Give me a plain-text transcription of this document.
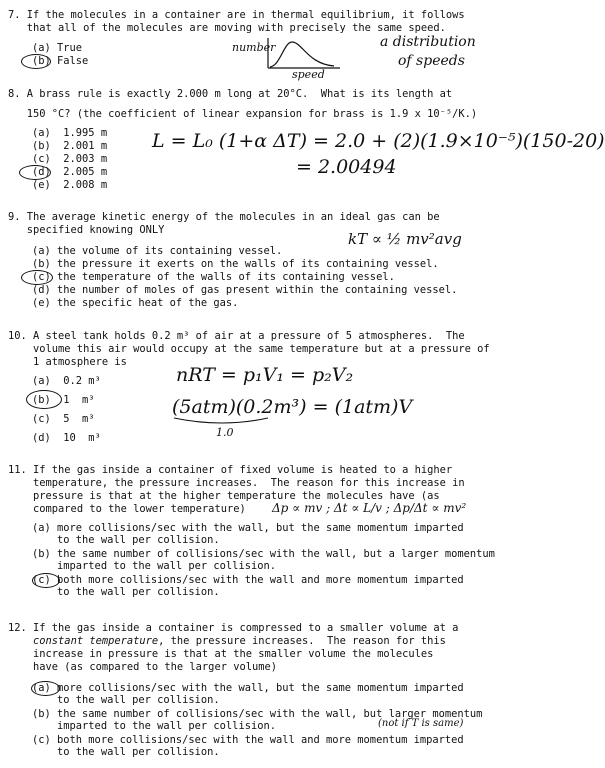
7. If the molecules in a container are in thermal equilibrium, it follows
that all of the molecules are moving with precisely the same speed.
(a) True
(b) False
number
speed
a distribution
of speeds
8. A brass rule is exactly 2.000 m long at 20°C.  What is its length at
150 °C? (the coefficient of linear expansion for brass is 1.9 x 10⁻⁵/K.)
(a)  1.995 m
(b)  2.001 m
(c)  2.003 m
(d)  2.005 m
(e)  2.008 m
L = L₀ (1+α ΔT) = 2.0 + (2)(1.9×10⁻⁵)(150-20)
= 2.00494
9. The average kinetic energy of the molecules in an ideal gas can be
specified knowing ONLY
(a) the volume of its containing vessel.
(b) the pressure it exerts on the walls of its containing vessel.
(c) the temperature of the walls of its containing vessel.
(d) the number of moles of gas present within the containing vessel.
(e) the specific heat of the gas.
kT ∝ ½ mv²avg
10. A steel tank holds 0.2 m³ of air at a pressure of 5 atmospheres.  The
volume this air would occupy at the same temperature but at a pressure of
1 atmosphere is
(a)  0.2 m³
(b)  1  m³
(c)  5  m³
(d)  10  m³
nRT = p₁V₁ = p₂V₂
(5atm)(0.2m³) = (1atm)V
1.0
11. If the gas inside a container of fixed volume is heated to a higher
temperature, the pressure increases.  The reason for this increase in
pressure is that at the higher temperature the molecules have (as
compared to the lower temperature)
(a) more collisions/sec with the wall, but the same momentum imparted
to the wall per collision.
(b) the same number of collisions/sec with the wall, but a larger momentum
imparted to the wall per collision.
(c) both more collisions/sec with the wall and more momentum imparted
to the wall per collision.
Δp ∝ mv ; Δt ∝ L/v ; Δp/Δt ∝ mv²
12. If the gas inside a container is compressed to a smaller volume at a
constant temperature, the pressure increases.  The reason for this
increase in pressure is that at the smaller volume the molecules
have (as compared to the larger volume)
(a) more collisions/sec with the wall, but the same momentum imparted
to the wall per collision.
(b) the same number of collisions/sec with the wall, but larger momentum
imparted to the wall per collision.
(c) both more collisions/sec with the wall and more momentum imparted
to the wall per collision.
(not if T is same)
